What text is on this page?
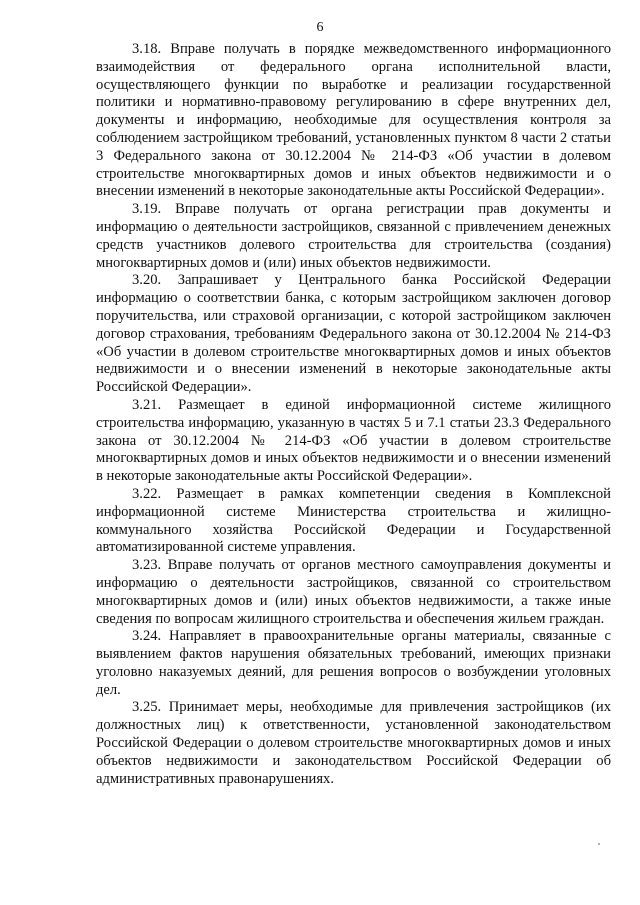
6

3.18. Вправе получать в порядке межведомственного информационного взаимодействия от федерального органа исполнительной власти, осуществляющего функции по выработке и реализации государственной политики и нормативно-правовому регулированию в сфере внутренних дел, документы и информацию, необходимые для осуществления контроля за соблюдением застройщиком требований, установленных пунктом 8 части 2 статьи 3 Федерального закона от 30.12.2004 № 214-ФЗ «Об участии в долевом строительстве многоквартирных домов и иных объектов недвижимости и о внесении изменений в некоторые законодательные акты Российской Федерации».

3.19. Вправе получать от органа регистрации прав документы и информацию о деятельности застройщиков, связанной с привлечением денежных средств участников долевого строительства для строительства (создания) многоквартирных домов и (или) иных объектов недвижимости.

3.20. Запрашивает у Центрального банка Российской Федерации информацию о соответствии банка, с которым застройщиком заключен договор поручительства, или страховой организации, с которой застройщиком заключен договор страхования, требованиям Федерального закона от 30.12.2004 № 214-ФЗ «Об участии в долевом строительстве многоквартирных домов и иных объектов недвижимости и о внесении изменений в некоторые законодательные акты Российской Федерации».

3.21. Размещает в единой информационной системе жилищного строительства информацию, указанную в частях 5 и 7.1 статьи 23.3 Федерального закона от 30.12.2004 № 214-ФЗ «Об участии в долевом строительстве многоквартирных домов и иных объектов недвижимости и о внесении изменений в некоторые законодательные акты Российской Федерации».

3.22. Размещает в рамках компетенции сведения в Комплексной информационной системе Министерства строительства и жилищно-коммунального хозяйства Российской Федерации и Государственной автоматизированной системе управления.

3.23. Вправе получать от органов местного самоуправления документы и информацию о деятельности застройщиков, связанной со строительством многоквартирных домов и (или) иных объектов недвижимости, а также иные сведения по вопросам жилищного строительства и обеспечения жильем граждан.

3.24. Направляет в правоохранительные органы материалы, связанные с выявлением фактов нарушения обязательных требований, имеющих признаки уголовно наказуемых деяний, для решения вопросов о возбуждении уголовных дел.

3.25. Принимает меры, необходимые для привлечения застройщиков (их должностных лиц) к ответственности, установленной законодательством Российской Федерации о долевом строительстве многоквартирных домов и иных объектов недвижимости и законодательством Российской Федерации об административных правонарушениях.
